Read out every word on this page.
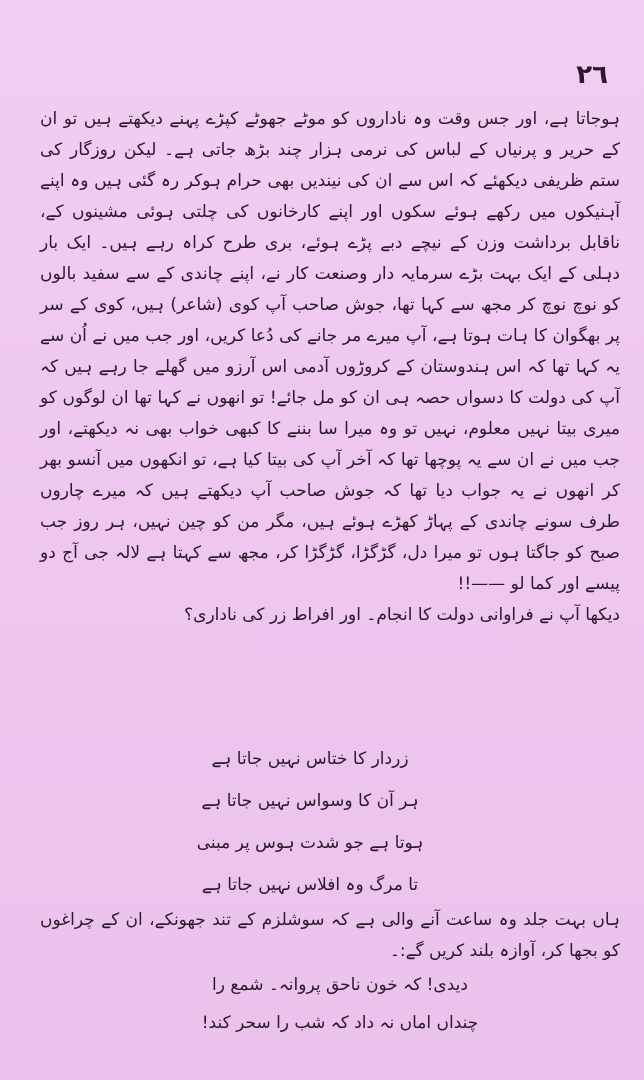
٢٦

ہوجاتا ہے، اور جس وقت وہ ناداروں کو موٹے جھوٹے کپڑے پہنے دیکھتے ہیں تو ان کے حریر و پرنیاں کے لباس کی نرمی ہزار چند بڑھ جاتی ہے۔ لیکن روزگار کی ستم ظریفی دیکھئے کہ اس سے ان کی نیندیں بھی حرام ہوکر رہ گئی ہیں وہ اپنے آہنیکوں میں رکھے ہوئے سکوں اور اپنے کارخانوں کی چلتی ہوئی مشینوں کے، ناقابل برداشت وزن کے نیچے دبے پڑے ہوئے، بری طرح کراہ رہے ہیں۔ ایک بار دہلی کے ایک بہت بڑے سرمایہ دار وصنعت کار نے، اپنے چاندی کے سے سفید بالوں کو نوچ نوچ کر مجھ سے کہا تھا، جوش صاحب آپ کوی (شاعر) ہیں، کوی کے سر پر بھگوان کا ہات ہوتا ہے، آپ میرے مر جانے کی دُعا کریں، اور جب میں نے اُن سے یہ کہا تھا کہ اس ہندوستان کے کروڑوں آدمی اس آرزو میں گھلے جا رہے ہیں کہ آپ کی دولت کا دسواں حصہ ہی ان کو مل جائے! تو انھوں نے کہا تھا ان لوگوں کو میری بیتا نہیں معلوم، نہیں تو وہ میرا سا بننے کا کبھی خواب بھی نہ دیکھتے، اور جب میں نے ان سے یہ پوچھا تھا کہ آخر آپ کی بیتا کیا ہے، تو انکھوں میں آنسو بھر کر انھوں نے یہ جواب دیا تھا کہ جوش صاحب آپ دیکھتے ہیں کہ میرے چاروں طرف سونے چاندی کے پہاڑ کھڑے ہوئے ہیں، مگر من کو چین نہیں، ہر روز جب صبح کو جاگتا ہوں تو میرا دل، گڑگڑا، گڑگڑا کر، مجھ سے کہتا ہے لالہ جی آج دو پیسے اور کما لو ——!!

دیکھا آپ نے فراوانی دولت کا انجام۔ اور افراط زر کی ناداری؟

زردار کا ختاس نہیں جاتا ہے
ہر آن کا وسواس نہیں جاتا ہے
ہوتا ہے جو شدت ہوس پر مبنی
تا مرگ وہ افلاس نہیں جاتا ہے

ہاں بہت جلد وہ ساعت آنے والی ہے کہ سوشلزم کے تند جھونکے، ان کے چراغوں کو بجھا کر، آوازہ بلند کریں گے:۔

دیدی! کہ خون ناحق پروانہ۔ شمع را
چنداں اماں نہ داد کہ شب را سحر کند!
